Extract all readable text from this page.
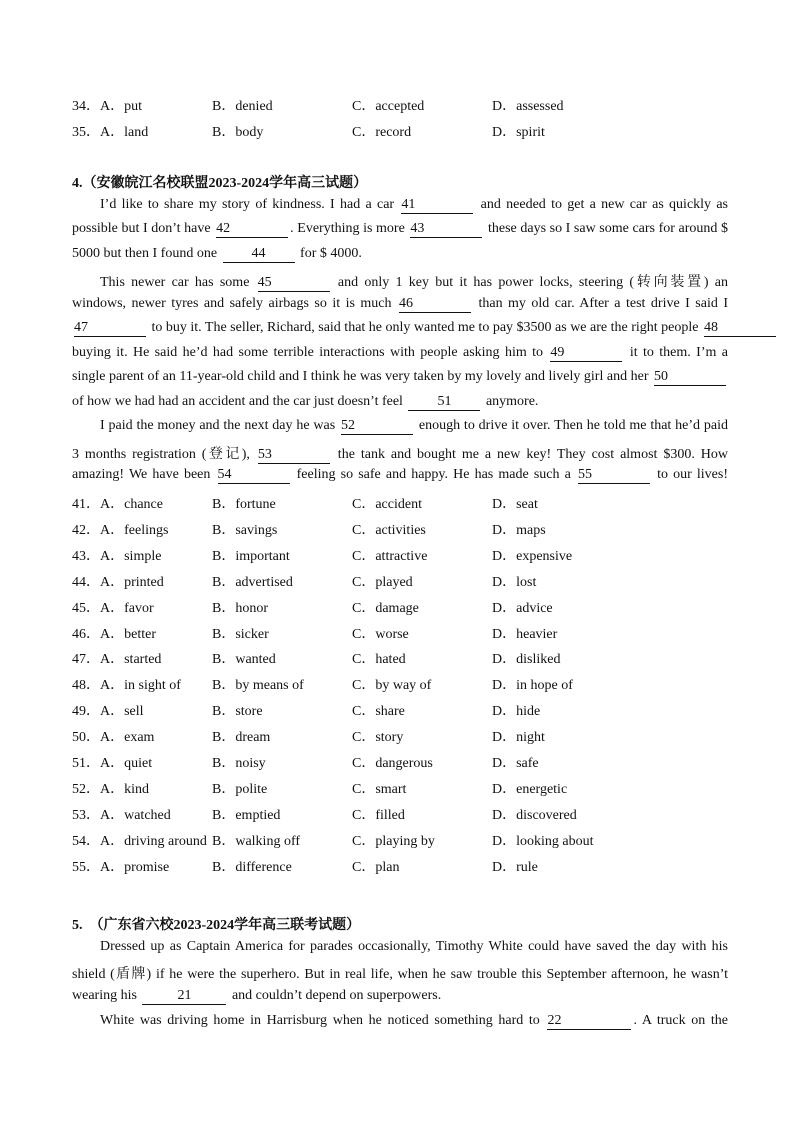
34．A．put	B．denied	C．accepted	D．assessed
35．A．land	B．body	C．record	D．spirit
4.（安徽皖江名校联盟2023-2024学年高三试题）
I’d like to share my story of kindness. I had a car 41	and needed to get a new car as quickly as
possible but I don’t have 42	. Everything is more 43	these days so I saw some cars for around $
5000 but then I found one 44 for $ 4000.
This newer car has some 45	and only 1 key but it has power locks, steering (转向装置) an
windows, newer tyres and safely airbags so it is much 46	than my old car. After a test drive I said I
47	to buy it. The seller, Richard, said that he only wanted me to pay $3500 as we are the right people 48
buying it. He said he’d had some terrible interactions with people asking him to 49	it to them. I’m a
single parent of an 11-year-old child and I think he was very taken by my lovely and lively girl and her 50
of how we had had an accident and the car just doesn’t feel 51 anymore.
I paid the money and the next day he was 52	enough to drive it over. Then he told me that he’d paid
3 months registration (登记), 53	the tank and bought me a new key! They cost almost $300. How
amazing! We have been 54	feeling so safe and happy. He has made such a 55	to our lives!
41．A．chance	B．fortune	C．accident	D．seat
42．A．feelings	B．savings	C．activities	D．maps
43．A．simple	B．important	C．attractive	D．expensive
44．A．printed	B．advertised	C．played	D．lost
45．A．favor	B．honor	C．damage	D．advice
46．A．better	B．sicker	C．worse	D．heavier
47．A．started	B．wanted	C．hated	D．disliked
48．A．in sight of B．by means of	C．by way of	D．in hope of
49．A．sell	B．store	C．share	D．hide
50．A．exam	B．dream	C．story	D．night
51．A．quiet	B．noisy	C．dangerous	D．safe
52．A．kind	B．polite	C．smart	D．energetic
53．A．watched	B．emptied	C．filled	D．discovered
54．A．driving around B．walking off	C．playing by	D．looking about
55．A．promise	B．difference	C．plan	D．rule
5.　（广东省六校2023-2024学年高三联考试题）
Dressed up as Captain America for parades occasionally, Timothy White could have saved the day with his
shield (盾牌) if he were the superhero. But in real life, when he saw trouble this September afternoon, he wasn’t
wearing his	21	and couldn’t depend on superpowers.
White was driving home in Harrisburg when he noticed something hard to 22	. A truck on the
